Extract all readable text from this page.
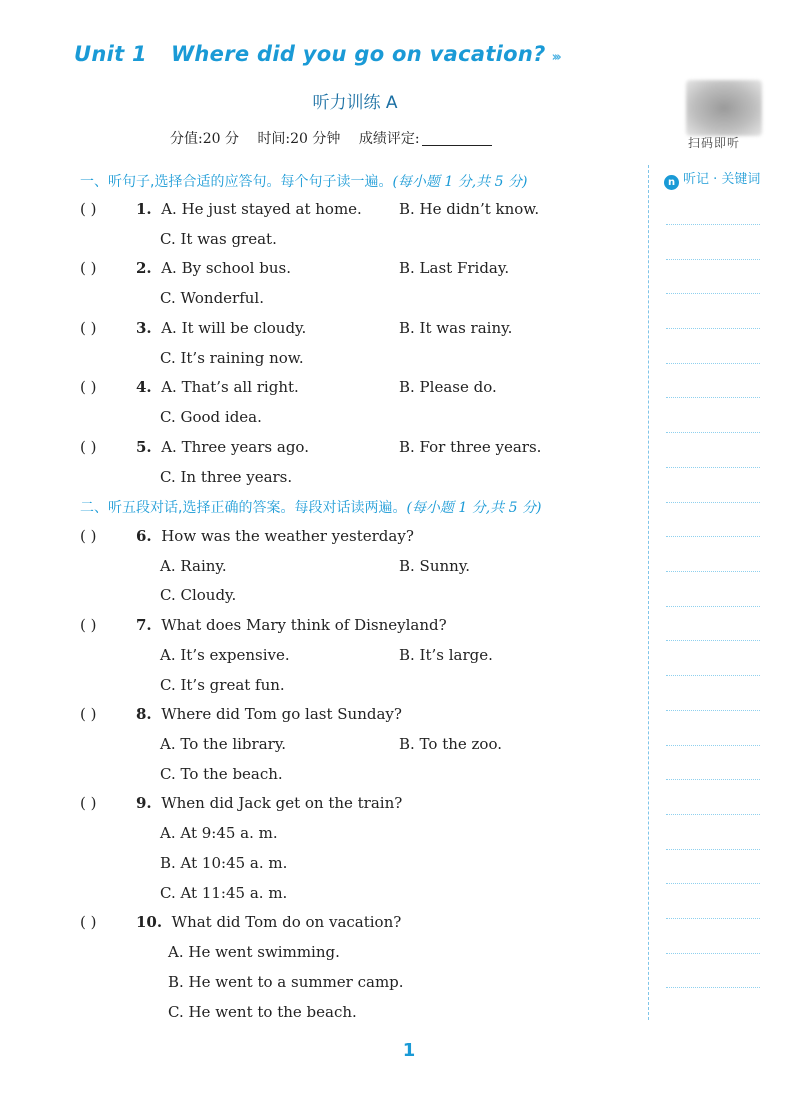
Unit 1 Where did you go on vacation? ›››
听力训练 A
扫码即听
分值:20 分 时间:20 分钟 成绩评定:
一、听句子,选择合适的应答句。每个句子读一遍。(每小题 1 分,共 5 分)	n 听记 · 关键词
( )	1. A. He just stayed at home. B. He didn’t know.
C. It was great.
( )	2. A. By school bus.	B. Last Friday.
C. Wonderful.
( )	3. A. It will be cloudy.	B. It was rainy.
C. It’s raining now.
( )	4. A. That’s all right.	B. Please do.
C. Good idea.
( )	5. A. Three years ago.	B. For three years.
C. In three years.
二、听五段对话,选择正确的答案。每段对话读两遍。(每小题 1 分,共 5 分)
( )	6. How was the weather yesterday?
A. Rainy.	B. Sunny.
C. Cloudy.
( )	7. What does Mary think of Disneyland?
A. It’s expensive.	B. It’s large.
C. It’s great fun.
( )	8. Where did Tom go last Sunday?
A. To the library.	B. To the zoo.
C. To the beach.
( )	9. When did Jack get on the train?
A. At 9:45 a. m.
B. At 10:45 a. m.
C. At 11:45 a. m.
( )	10. What did Tom do on vacation?
A. He went swimming.
B. He went to a summer camp.
C. He went to the beach.
1
